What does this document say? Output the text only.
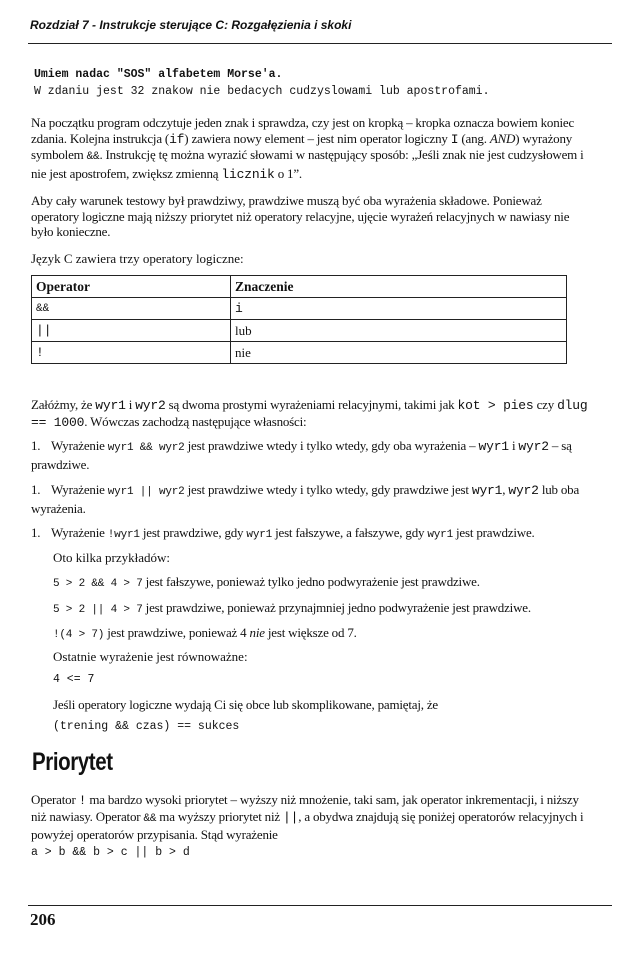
Rozdział 7 - Instrukcje sterujące C: Rozgałęzienia i skoki
Umiem nadac "SOS" alfabetem Morse'a.
W zdaniu jest 32 znakow nie bedacych cudzyslowami lub apostrofami.

Na początku program odczytuje jeden znak i sprawdza, czy jest on kropką – kropka oznacza bowiem koniec zdania. Kolejna instrukcja (if) zawiera nowy element – jest nim operator logiczny I (ang. AND) wyrażony symbolem &&. Instrukcję tę można wyrazić słowami w następujący sposób: „Jeśli znak nie jest cudzysłowem i nie jest apostrofem, zwiększ zmienną licznik o 1”.

Aby cały warunek testowy był prawdziwy, prawdziwe muszą być oba wyrażenia składowe. Ponieważ operatory logiczne mają niższy priorytet niż operatory relacyjne, ujęcie wyrażeń relacyjnych w nawiasy nie było konieczne.

Język C zawiera trzy operatory logiczne:

Operator	Znaczenie
&&	i
||	lub
!	nie

Załóżmy, że wyr1 i wyr2 są dwoma prostymi wyrażeniami relacyjnymi, takimi jak kot > pies czy dlug == 1000. Wówczas zachodzą następujące własności:

1. Wyrażenie wyr1 && wyr2 jest prawdziwe wtedy i tylko wtedy, gdy oba wyrażenia – wyr1 i wyr2 – są prawdziwe.
1. Wyrażenie wyr1 || wyr2 jest prawdziwe wtedy i tylko wtedy, gdy prawdziwe jest wyr1, wyr2 lub oba wyrażenia.
1. Wyrażenie !wyr1 jest prawdziwe, gdy wyr1 jest fałszywe, a fałszywe, gdy wyr1 jest prawdziwe.
Oto kilka przykładów:
5 > 2 && 4 > 7 jest fałszywe, ponieważ tylko jedno podwyrażenie jest prawdziwe.
5 > 2 || 4 > 7 jest prawdziwe, ponieważ przynajmniej jedno podwyrażenie jest prawdziwe.
!(4 > 7) jest prawdziwe, ponieważ 4 nie jest większe od 7.
Ostatnie wyrażenie jest równoważne:
4 <= 7
Jeśli operatory logiczne wydają Ci się obce lub skomplikowane, pamiętaj, że
(trening && czas) == sukces
Priorytet

Operator ! ma bardzo wysoki priorytet – wyższy niż mnożenie, taki sam, jak operator inkrementacji, i niższy niż nawiasy. Operator && ma wyższy priorytet niż ||, a obydwa znajdują się poniżej operatorów relacyjnych i powyżej operatorów przypisania. Stąd wyrażenie

a > b && b > c || b > d
206
